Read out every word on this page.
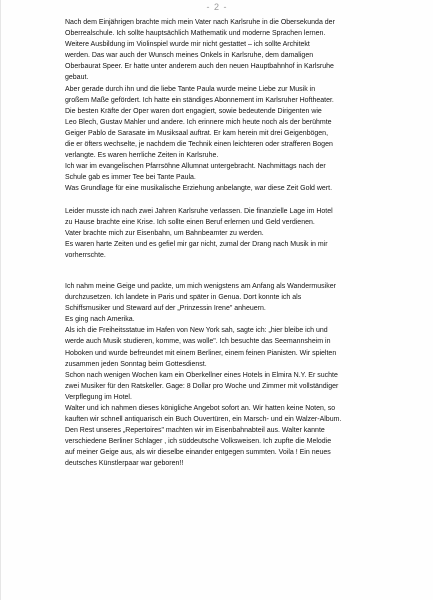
- 2 -

Nach dem Einjährigen brachte mich mein Vater nach Karlsruhe in die Obersekunda der
Oberrealschule. Ich sollte hauptsächlich Mathematik und moderne Sprachen lernen.
Weitere Ausbildung im Violinspiel wurde mir nicht gestattet – ich sollte Architekt
werden. Das war auch der Wunsch meines Onkels in Karlsruhe, dem damaligen
Oberbaurat Speer. Er hatte unter anderem auch den neuen Hauptbahnhof in Karlsruhe
gebaut.
Aber gerade durch ihn und die liebe Tante Paula wurde meine Liebe zur Musik in
großem Maße gefördert. Ich hatte ein ständiges Abonnement im Karlsruher Hoftheater.
Die besten Kräfte der Oper waren dort engagiert, sowie bedeutende Dirigenten wie
Leo Blech, Gustav Mahler und andere. Ich erinnere mich heute noch als der berühmte
Geiger Pablo de Sarasate im Musiksaal auftrat. Er kam herein mit drei Geigenbögen,
die er öfters wechselte, je nachdem die Technik einen leichteren oder strafferen Bogen
verlangte. Es waren herrliche Zeiten in Karlsruhe.
Ich war im evangelischen Pfarrsöhne Allumnat untergebracht. Nachmittags nach der
Schule gab es immer Tee bei Tante Paula.
Was Grundlage für eine musikalische Erziehung anbelangte, war diese Zeit Gold wert.

Leider musste ich nach zwei Jahren Karlsruhe verlassen. Die finanzielle Lage im Hotel
zu Hause brachte eine Krise. Ich sollte einen Beruf erlernen und Geld verdienen.
Vater brachte mich zur Eisenbahn, um Bahnbeamter zu werden.
Es waren harte Zeiten und es gefiel mir gar nicht, zumal der Drang nach Musik in mir
vorherrschte.

Ich nahm meine Geige und packte, um mich wenigstens am Anfang als Wandermusiker
durchzusetzen. Ich landete in Paris und später in Genua. Dort konnte ich als
Schiffsmusiker und Steward auf der „Prinzessin Irene" anheuern.
Es ging nach Amerika.
Als ich die Freiheitsstatue im Hafen von New York sah, sagte ich: „hier bleibe ich und
werde auch Musik studieren, komme, was wolle". Ich besuchte das Seemannsheim in
Hoboken und wurde befreundet mit einem Berliner, einem feinen Pianisten. Wir spielten
zusammen jeden Sonntag beim Gottesdienst.
Schon nach wenigen Wochen kam ein Oberkellner eines Hotels in Elmira N.Y. Er suchte
zwei Musiker für den Ratskeller. Gage: 8 Dollar pro Woche und Zimmer mit vollständiger
Verpflegung im Hotel.
Walter und ich nahmen dieses königliche Angebot sofort an. Wir hatten keine Noten, so
kauften wir schnell antiquarisch ein Buch Ouvertüren, ein Marsch- und ein Walzer-Album.
Den Rest unseres „Repertoires" machten wir im Eisenbahnabteil aus. Walter kannte
verschiedene Berliner Schlager , ich süddeutsche Volksweisen. Ich zupfte die Melodie
auf meiner Geige aus, als wir dieselbe einander entgegen summten. Voila ! Ein neues
deutsches Künstlerpaar war geboren!!
